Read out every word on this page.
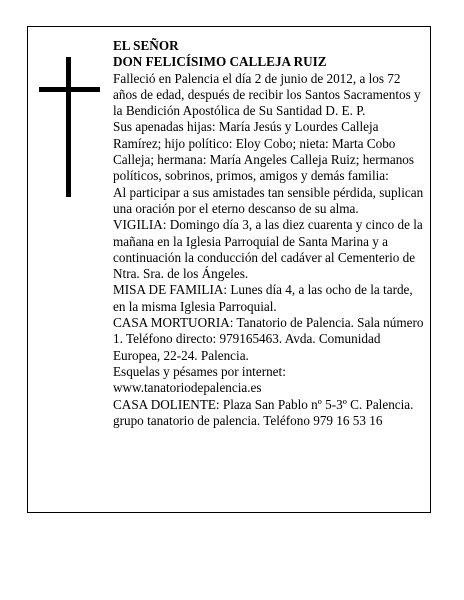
EL SEÑOR

DON FELICÍSIMO CALLEJA RUIZ

Falleció en Palencia el día 2 de junio de 2012, a los 72 años de edad, después de recibir los Santos Sacramentos y la Bendición Apostólica de Su Santidad D. E. P.

Sus apenadas hijas: María Jesús y Lourdes Calleja Ramírez; hijo político: Eloy Cobo; nieta: Marta Cobo Calleja; hermana: María Angeles Calleja Ruiz; hermanos políticos, sobrinos, primos, amigos y demás familia:

Al participar a sus amistades tan sensible pérdida, suplican una oración por el eterno descanso de su alma.

VIGILIA: Domingo día 3, a las diez cuarenta y cinco de la mañana en la Iglesia Parroquial de Santa Marina y a continuación la conducción del cadáver al Cementerio de Ntra. Sra. de los Ángeles.

MISA DE FAMILIA: Lunes día 4, a las ocho de la tarde, en la misma Iglesia Parroquial.

CASA MORTUORIA: Tanatorio de Palencia. Sala número 1. Teléfono directo: 979165463. Avda. Comunidad Europea, 22-24. Palencia.

Esquelas y pésames por internet: www.tanatoriodepalencia.es

CASA DOLIENTE: Plaza San Pablo nº 5-3º C. Palencia.

grupo tanatorio de palencia. Teléfono 979 16 53 16
